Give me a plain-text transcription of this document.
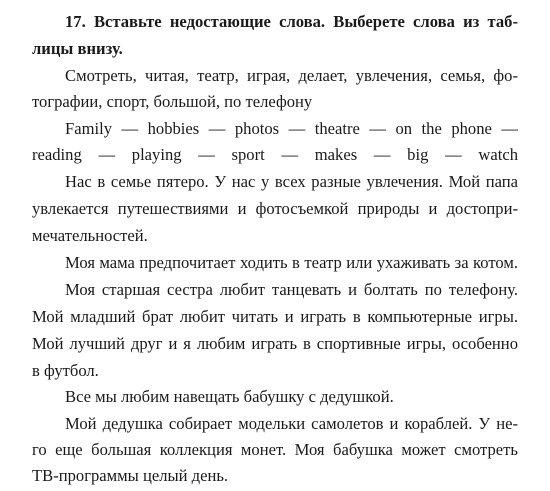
17. Вставьте недостающие слова. Выберете слова из таб-
лицы внизу.
Смотреть, читая, театр, играя, делает, увлечения, семья, фо-
тографии, спорт, большой, по телефону
Family — hobbies — photos — theatre — on the phone —
reading — playing — sport — makes — big — watch
Нас в семье пятеро. У нас у всех разные увлечения. Мой папа
увлекается путешествиями и фотосъемкой природы и достопри-
мечательностей.
Моя мама предпочитает ходить в театр или ухаживать за котом.
Моя старшая сестра любит танцевать и болтать по телефону.
Мой младший брат любит читать и играть в компьютерные игры.
Мой лучший друг и я любим играть в спортивные игры, особенно
в футбол.
Все мы любим навещать бабушку с дедушкой.
Мой дедушка собирает модельки самолетов и кораблей. У не-
го еще большая коллекция монет. Моя бабушка может смотреть
ТВ-программы целый день.
